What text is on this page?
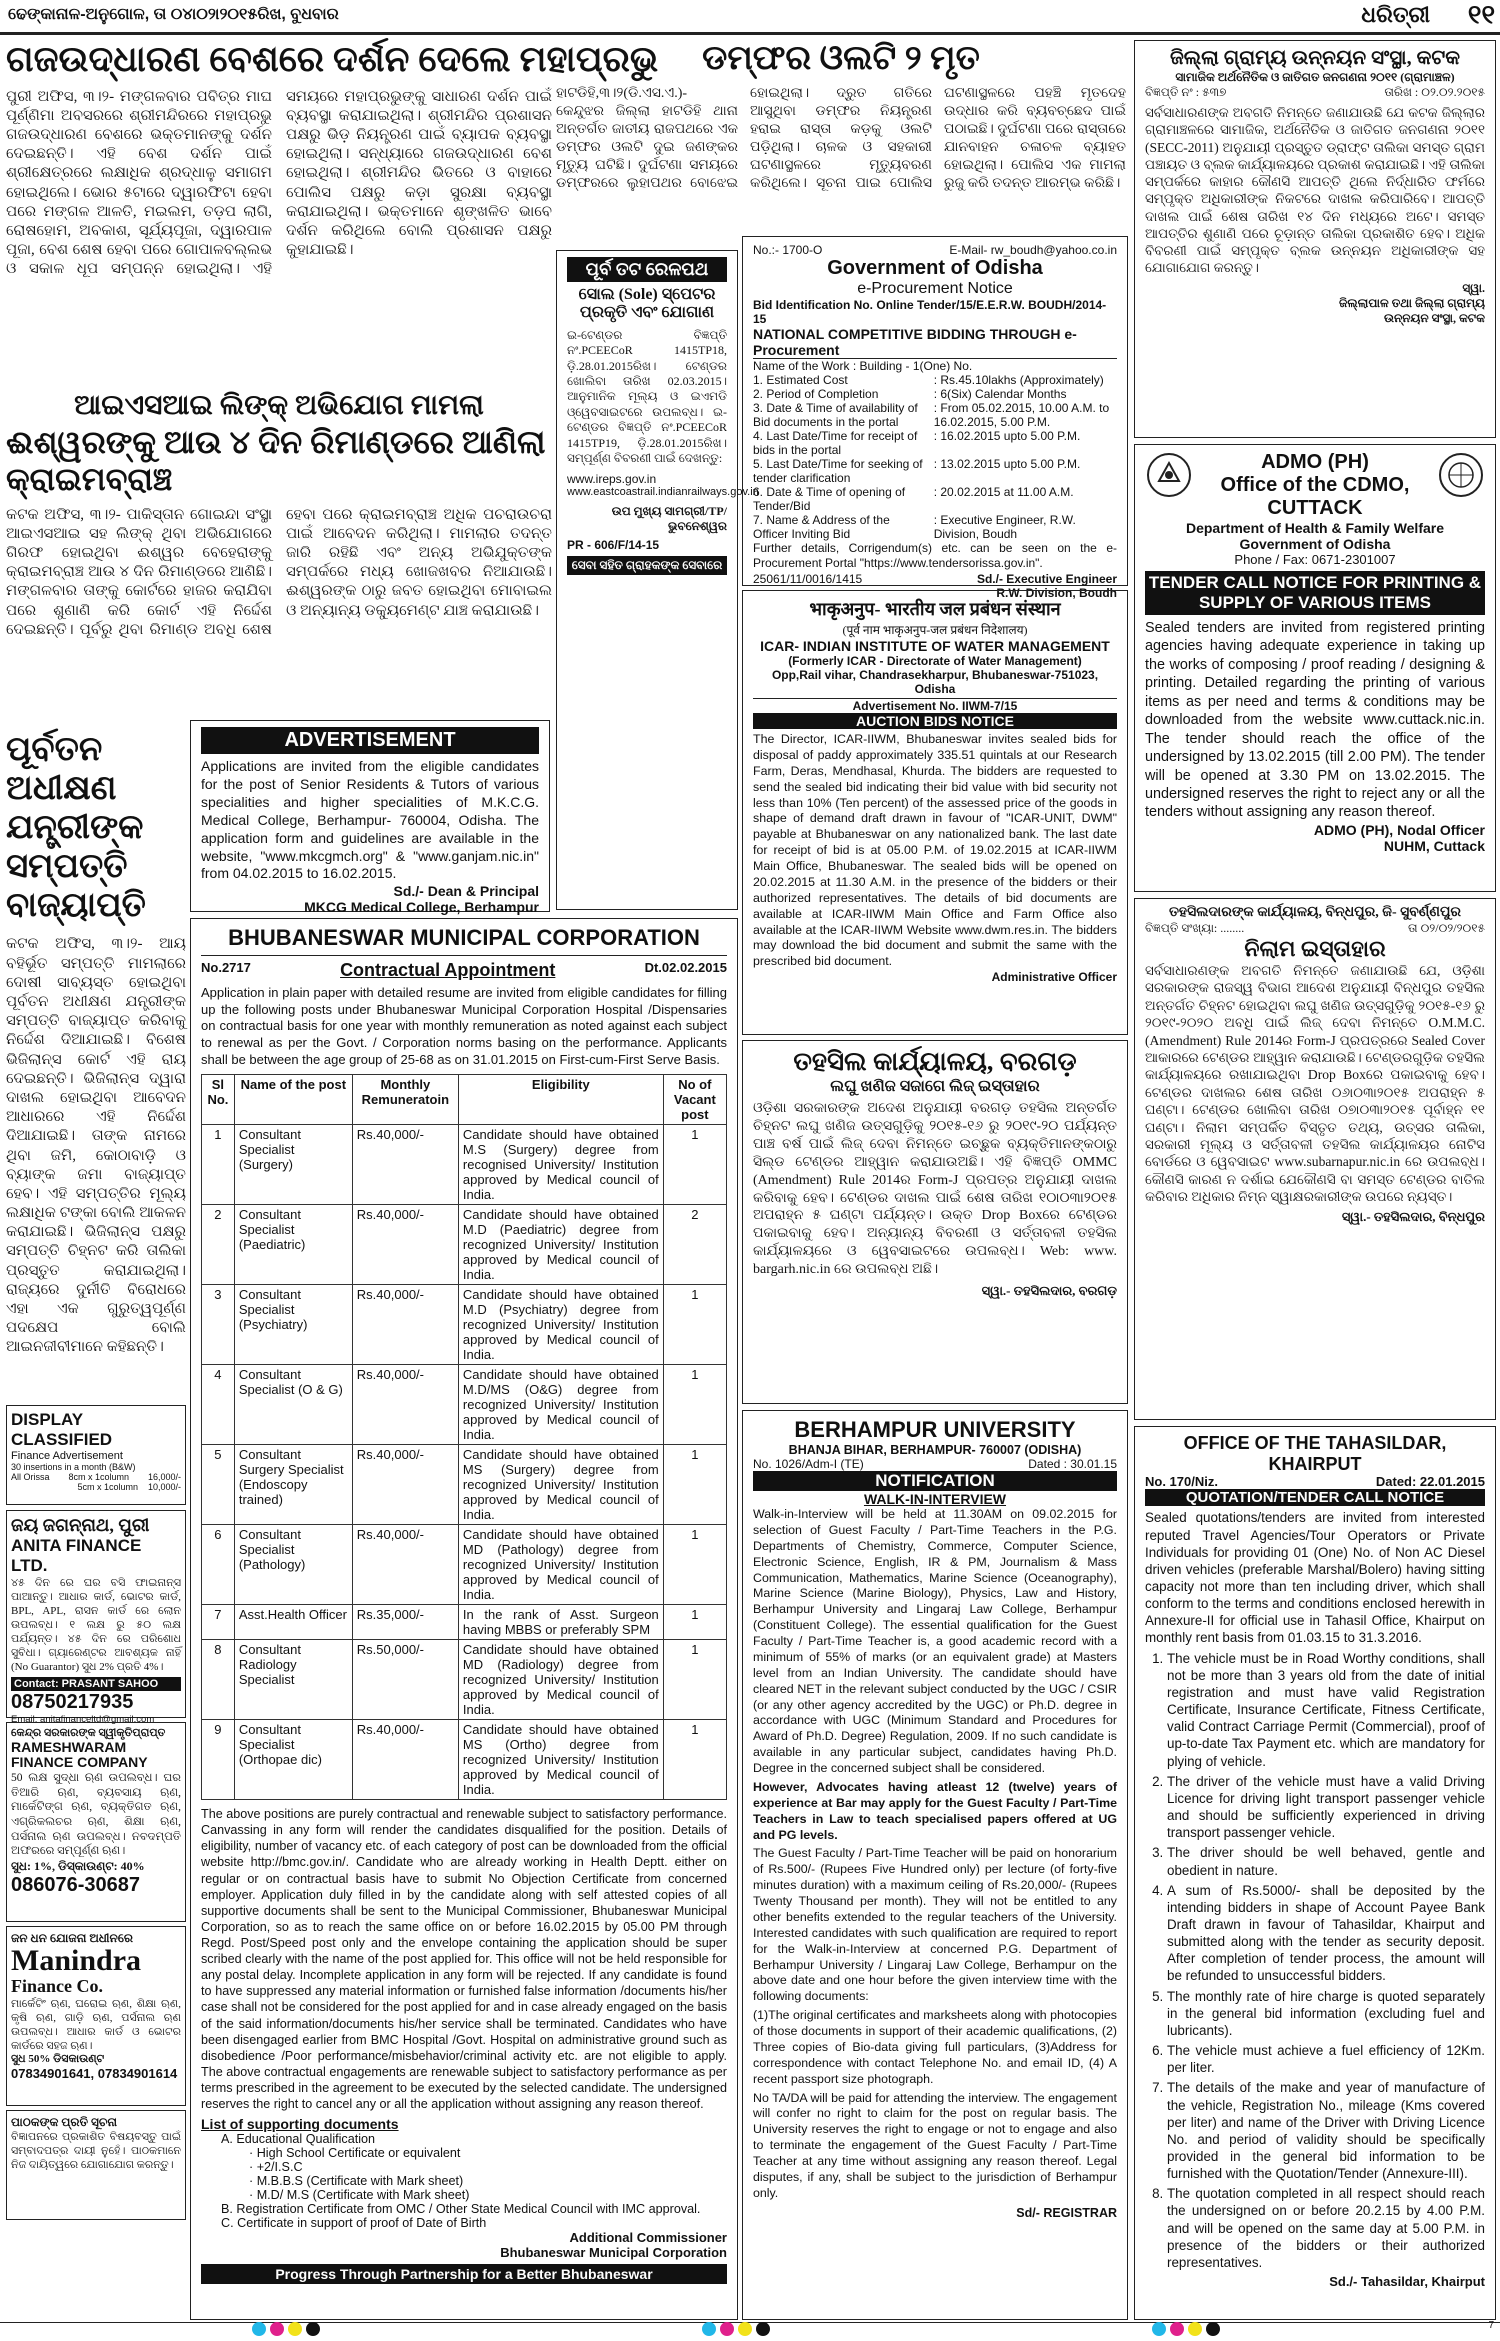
ଢେଙ୍କାନାଳ-ଅନୁଗୋଳ, ତା ୦୪ା୦୨ା୨୦୧୫ରିଖ, ବୁଧବାର	ଧରିତ୍ରୀ	୧୧
ଗଜଉଦ୍ଧାରଣ ବେଶରେ ଦର୍ଶନ ଦେଲେ ମହାପ୍ରଭୁ
ପୁରୀ ଅଫିସ, ୩।୨- ମଙ୍ଗଳବାର ପବିତ୍ର ମାଘ ପୂର୍ଣ୍ଣିମା ଅବସରରେ ଶ୍ରୀମନ୍ଦିରରେ ମହାପ୍ରଭୁ ଗଜଉଦ୍ଧାରଣ ବେଶରେ ଭକ୍ତମାନଙ୍କୁ ଦର୍ଶନ ଦେଇଛନ୍ତି। ଏହି ବେଶ ଦର୍ଶନ ପାଇଁ ଶ୍ରୀକ୍ଷେତ୍ରରେ ଲକ୍ଷାଧିକ ଶ୍ରଦ୍ଧାଳୁ ସମାଗମ ହୋଇଥିଲେ। ଭୋର ୫ଟାରେ ଦ୍ୱାରଫିଟା ହେବା ପରେ ମଙ୍ଗଳ ଆଳତି, ମଇଲମ, ତଡ଼ପ ଲାଗି, ରୋଷହୋମ, ଅବକାଶ, ସୂର୍ଯ୍ୟପୂଜା, ଦ୍ୱାରପାଳ ପୂଜା, ବେଶ ଶେଷ ହେବା ପରେ ଗୋପାଳବଲ୍ଲଭ ଓ ସକାଳ ଧୂପ ସମ୍ପନ୍ନ ହୋଇଥିଲା। ଏହି ସମୟରେ ମହାପ୍ରଭୁଙ୍କୁ ସାଧାରଣ ଦର୍ଶନ ପାଇଁ ବ୍ୟବସ୍ଥା କରାଯାଇଥିଲା। ଶ୍ରୀମନ୍ଦିର ପ୍ରଶାସନ ପକ୍ଷରୁ ଭିଡ଼ ନିୟନ୍ତ୍ରଣ ପାଇଁ ବ୍ୟାପକ ବ୍ୟବସ୍ଥା ହୋଇଥିଲା। ସନ୍ଧ୍ୟାରେ ଗଜଉଦ୍ଧାରଣ ବେଶ ହୋଇଥିଲା। ଶ୍ରୀମନ୍ଦିର ଭିତରେ ଓ ବାହାରେ ପୋଲିସ ପକ୍ଷରୁ କଡ଼ା ସୁରକ୍ଷା ବ୍ୟବସ୍ଥା କରାଯାଇଥିଲା। ଭକ୍ତମାନେ ଶୃଙ୍ଖଳିତ ଭାବେ ଦର୍ଶନ କରିଥିଲେ ବୋଲି ପ୍ରଶାସନ ପକ୍ଷରୁ କୁହାଯାଇଛି।
ଡମ୍ଫର ଓଲଟି ୨ ମୃତ
ହାଟଡିହି,୩।୨(ଡି.ଏସ.ଏ.)- କେନ୍ଦୁଝର ଜିଲ୍ଲା ହାଟଡିହି ଥାନା ଅନ୍ତର୍ଗତ ଜାତୀୟ ରାଜପଥରେ ଏକ ଡମ୍ଫର ଓଲଟି ଦୁଇ ଜଣଙ୍କର ମୃତ୍ୟୁ ଘଟିଛି। ଦୁର୍ଘଟଣା ସମୟରେ ଡମ୍ଫରରେ ଲୁହାପଥର ବୋଝେଇ ହୋଇଥିଲା। ଦ୍ରୁତ ଗତିରେ ଆସୁଥିବା ଡମ୍ଫର ନିୟନ୍ତ୍ରଣ ହରାଇ ରାସ୍ତା କଡ଼କୁ ଓଲଟି ପଡ଼ିଥିଲା। ଚାଳକ ଓ ସହକାରୀ ଘଟଣାସ୍ଥଳରେ ମୃତ୍ୟୁବରଣ କରିଥିଲେ। ସୂଚନା ପାଇ ପୋଲିସ ଘଟଣାସ୍ଥଳରେ ପହଞ୍ଚି ମୃତଦେହ ଉଦ୍ଧାର କରି ବ୍ୟବଚ୍ଛେଦ ପାଇଁ ପଠାଇଛି। ଦୁର୍ଘଟଣା ପରେ ରାସ୍ତାରେ ଯାନବାହନ ଚଳାଚଳ ବ୍ୟାହତ ହୋଇଥିଲା। ପୋଲିସ ଏକ ମାମଲା ରୁଜୁ କରି ତଦନ୍ତ ଆରମ୍ଭ କରିଛି।
ଆଇଏସଆଇ ଲିଙ୍କ୍ ଅଭିଯୋଗ ମାମଲା
ଈଶ୍ୱରଙ୍କୁ ଆଉ ୪ ଦିନ ରିମାଣ୍ଡରେ ଆଣିଲା କ୍ରାଇମବ୍ରାଞ୍ଚ
କଟକ ଅଫିସ, ୩।୨- ପାକିସ୍ତାନ ଗୋଇନ୍ଦା ସଂସ୍ଥା ଆଇଏସଆଇ ସହ ଲିଙ୍କ୍ ଥିବା ଅଭିଯୋଗରେ ଗିରଫ ହୋଇଥିବା ଈଶ୍ୱର ବେହେରାଙ୍କୁ କ୍ରାଇମବ୍ରାଞ୍ଚ ଆଉ ୪ ଦିନ ରିମାଣ୍ଡରେ ଆଣିଛି। ମଙ୍ଗଳବାର ତାଙ୍କୁ କୋର୍ଟରେ ହାଜର କରାଯିବା ପରେ ଶୁଣାଣି କରି କୋର୍ଟ ଏହି ନିର୍ଦ୍ଦେଶ ଦେଇଛନ୍ତି। ପୂର୍ବରୁ ଥିବା ରିମାଣ୍ଡ ଅବଧି ଶେଷ ହେବା ପରେ କ୍ରାଇମବ୍ରାଞ୍ଚ ଅଧିକ ପଚରାଉଚରା ପାଇଁ ଆବେଦନ କରିଥିଲା। ମାମଲାର ତଦନ୍ତ ଜାରି ରହିଛି ଏବଂ ଅନ୍ୟ ଅଭିଯୁକ୍ତଙ୍କ ସମ୍ପର୍କରେ ମଧ୍ୟ ଖୋଜଖବର ନିଆଯାଉଛି। ଈଶ୍ୱରଙ୍କ ଠାରୁ ଜବତ ହୋଇଥିବା ମୋବାଇଲ ଓ ଅନ୍ୟାନ୍ୟ ଡକ୍ୟୁମେଣ୍ଟ ଯାଞ୍ଚ କରାଯାଉଛି।
ପୂର୍ବତନ ଅଧୀକ୍ଷଣ ଯନ୍ତ୍ରୀଙ୍କ ସମ୍ପତ୍ତି ବାଜ୍ୟାପ୍ତି
କଟକ ଅଫିସ, ୩।୨- ଆୟ ବହିର୍ଭୂତ ସମ୍ପତ୍ତି ମାମଲାରେ ଦୋଷୀ ସାବ୍ୟସ୍ତ ହୋଇଥିବା ପୂର୍ବତନ ଅଧୀକ୍ଷଣ ଯନ୍ତ୍ରୀଙ୍କ ସମ୍ପତ୍ତି ବାଜ୍ୟାପ୍ତ କରିବାକୁ ନିର୍ଦ୍ଦେଶ ଦିଆଯାଇଛି। ବିଶେଷ ଭିଜିଲାନ୍ସ କୋର୍ଟ ଏହି ରାୟ ଦେଇଛନ୍ତି। ଭିଜିଲାନ୍ସ ଦ୍ୱାରା ଦାଖଲ ହୋଇଥିବା ଆବେଦନ ଆଧାରରେ ଏହି ନିର୍ଦ୍ଦେଶ ଦିଆଯାଇଛି। ତାଙ୍କ ନାମରେ ଥିବା ଜମି, କୋଠାବାଡ଼ି ଓ ବ୍ୟାଙ୍କ ଜମା ବାଜ୍ୟାପ୍ତ ହେବ। ଏହି ସମ୍ପତ୍ତିର ମୂଲ୍ୟ ଲକ୍ଷାଧିକ ଟଙ୍କା ବୋଲି ଆକଳନ କରାଯାଇଛି। ଭିଜିଲାନ୍ସ ପକ୍ଷରୁ ସମ୍ପତ୍ତି ଚିହ୍ନଟ କରି ତାଲିକା ପ୍ରସ୍ତୁତ କରାଯାଇଥିଲା। ରାଜ୍ୟରେ ଦୁର୍ନୀତି ବିରୋଧରେ ଏହା ଏକ ଗୁରୁତ୍ୱପୂର୍ଣ୍ଣ ପଦକ୍ଷେପ ବୋଲି ଆଇନଜୀବୀମାନେ କହିଛନ୍ତି।
ADVERTISEMENT
Applications are invited from the eligible candidates for the post of Senior Residents & Tutors of various specialities and higher specialities of M.K.C.G. Medical College, Berhampur- 760004, Odisha. The application form and guidelines are available in the website, "www.mkcgmch.org" & "www.ganjam.nic.in" from 04.02.2015 to 16.02.2015.
Sd./- Dean & Principal
MKCG Medical College, Berhampur
ପୂର୍ବ ତଟ ରେଳପଥ
ସୋଲ (Sole) ସ୍ପେଟର ପ୍ରକୃତି ଏବଂ ଯୋଗାଣ
ଇ-ଟେଣ୍ଡର ବିଜ୍ଞପ୍ତି ନଂ.PCEECoR 1415TP18, ଡ଼ି.28.01.2015ରିଖ। ଟେଣ୍ଡର ଖୋଲିବା ତାରିଖ 02.03.2015। ଆନୁମାନିକ ମୂଲ୍ୟ ଓ ଇଏମଡି ଓ୍ୱେବସାଇଟରେ ଉପଲବ୍ଧ। ଇ-ଟେଣ୍ଡର ବିଜ୍ଞପ୍ତି ନଂ.PCEECoR 1415TP19, ଡ଼ି.28.01.2015ରିଖ। ସମ୍ପୂର୍ଣ୍ଣ ବିବରଣୀ ପାଇଁ ଦେଖନ୍ତୁ:
www.ireps.gov.in
www.eastcoastrail.indianrailways.gov.in
ଉପ ମୁଖ୍ୟ ସାମଗ୍ରୀ/TP/ ଭୁବନେଶ୍ୱର
PR - 606/F/14-15
ସେବା ସହିତ ଗ୍ରାହକଙ୍କ ସେବାରେ
No.:- 1700-O	E-Mail- rw_boudh@yahoo.co.in
Government of Odisha
e-Procurement Notice
Bid Identification No. Online Tender/15/E.E.R.W. BOUDH/2014-15
NATIONAL COMPETITIVE BIDDING THROUGH e-Procurement
Name of the Work : Building - 1(One) No.
1. Estimated Cost	: Rs.45.10lakhs (Approximately)
2. Period of Completion	: 6(Six) Calendar Months
3. Date & Time of availability of Bid documents in the portal
: From 05.02.2015, 10.00 A.M. to 16.02.2015, 5.00 P.M.
4. Last Date/Time for receipt of bids in the portal
: 16.02.2015 upto 5.00 P.M.
5. Last Date/Time for seeking of tender clarification
: 13.02.2015 upto 5.00 P.M.
6. Date & Time of opening of Tender/Bid
: 20.02.2015 at 11.00 A.M.
7. Name & Address of the Officer Inviting Bid
: Executive Engineer, R.W. Division, Boudh
Further details, Corrigendum(s) etc. can be seen on the e-Procurement Portal "https://www.tendersorissa.gov.in".
25061/11/0016/1415	Sd./- Executive Engineer
R.W. Division, Boudh
भाकृअनुप- भारतीय जल प्रबंधन संस्थान
(पूर्व नाम भाकृअनुप-जल प्रबंधन निदेशालय)
ICAR- INDIAN INSTITUTE OF WATER MANAGEMENT
(Formerly ICAR - Directorate of Water Management)
Opp,Rail vihar, Chandrasekharpur, Bhubaneswar-751023, Odisha
Advertisement No. IIWM-7/15
AUCTION BIDS NOTICE
The Director, ICAR-IIWM, Bhubaneswar invites sealed bids for disposal of paddy approximately 335.51 quintals at our Research Farm, Deras, Mendhasal, Khurda. The bidders are requested to send the sealed bid indicating their bid value with bid security not less than 10% (Ten percent) of the assessed price of the goods in shape of demand draft drawn in favour of "ICAR-UNIT, DWM" payable at Bhubaneswar on any nationalized bank. The last date for receipt of bid is at 05.00 P.M. of 19.02.2015 at ICAR-IIWM Main Office, Bhubaneswar. The sealed bids will be opened on 20.02.2015 at 11.30 A.M. in the presence of the bidders or their authorized representatives. The details of bid documents are available at ICAR-IIWM Main Office and Farm Office also available at the ICAR-IIWM Website www.dwm.res.in. The bidders may download the bid document and submit the same with the prescribed bid document.
Administrative Officer
ତହସିଲ କାର୍ଯ୍ୟାଳୟ, ବରଗଡ଼
ଲଘୁ ଖଣିଜ ସଜାଗେ ଲିଜ୍ ଇସ୍ତାହାର
ଓଡ଼ିଶା ସରକାରଙ୍କ ଅଦେଶ ଅନୁଯାୟୀ ବରଗଡ଼ ତହସିଲ ଅନ୍ତର୍ଗତ ଚିହ୍ନଟ ଲଘୁ ଖଣିଜ ଉତ୍ସଗୁଡ଼ିକୁ ୨୦୧୫-୧୬ ରୁ ୨୦୧୯-୨୦ ପର୍ଯ୍ୟନ୍ତ ପାଞ୍ଚ ବର୍ଷ ପାଇଁ ଲିଜ୍ ଦେବା ନିମନ୍ତେ ଇଚ୍ଛୁକ ବ୍ୟକ୍ତିମାନଙ୍କଠାରୁ ସିଲ୍ଡ ଟେଣ୍ଡର ଆହ୍ୱାନ କରାଯାଉଅଛି। ଏହି ବିଜ୍ଞପ୍ତି OMMC (Amendment) Rule 2014ର Form-J ପ୍ରପତ୍ର ଅନୁଯାୟୀ ଦାଖଲ କରିବାକୁ ହେବ। ଟେଣ୍ଡର ଦାଖଲ ପାଇଁ ଶେଷ ତାରିଖ ୧୦ା୦୩ା୨୦୧୫ ଅପରାହ୍ନ ୫ ଘଣ୍ଟା ପର୍ଯ୍ୟନ୍ତ। ଉକ୍ତ Drop Boxରେ ଟେଣ୍ଡର ପକାଇବାକୁ ହେବ। ଅନ୍ୟାନ୍ୟ ବିବରଣୀ ଓ ସର୍ତ୍ତାବଳୀ ତହସିଲ କାର୍ଯ୍ୟାଳୟରେ ଓ ୱେବସାଇଟରେ ଉପଲବ୍ଧ। Web: www. bargarh.nic.in ରେ ଉପଲବ୍ଧ ଅଛି।
ସ୍ୱା.- ତହସିଲଦାର, ବରଗଡ଼
BHUBANESWAR MUNICIPAL CORPORATION
No.2717	Contractual Appointment	Dt.02.02.2015
Application in plain paper with detailed resume are invited from eligible candidates for filling up the following posts under Bhubaneswar Municipal Corporation Hospital /Dispensaries on contractual basis for one year with monthly remuneration as noted against each subject to renewal as per the Govt. / Corporation norms basing on the performance. Applicants shall be between the age group of 25-68 as on 31.01.2015 on First-cum-First Serve Basis.
Sl No.	Name of the post	Monthly Remuneratoin	Eligibility	No of Vacant post
1	Consultant Specialist (Surgery)	Rs.40,000/-	Candidate should have obtained M.S (Surgery) degree from recognised University/ Institution approved by Medical council of India.	1
2	Consultant Specialist (Paediatric)	Rs.40,000/-	Candidate should have obtained M.D (Paediatric) degree from recognized University/ Institution approved by Medical council of India.	2
3	Consultant Specialist (Psychiatry)	Rs.40,000/-	Candidate should have obtained M.D (Psychiatry) degree from recognized University/ Institution approved by Medical council of India.	1
4	Consultant Specialist (O & G)	Rs.40,000/-	Candidate should have obtained M.D/MS (O&G) degree from recognized University/ Institution approved by Medical council of India.	1
5	Consultant Surgery Specialist (Endoscopy trained)	Rs.40,000/-	Candidate should have obtained MS (Surgery) degree from recognized University/ Institution approved by Medical council of India.	1
6	Consultant Specialist (Pathology)	Rs.40,000/-	Candidate should have obtained MD (Pathology) degree from recognized University/ Institution approved by Medical council of India.	1
7	Asst.Health Officer	Rs.35,000/-	In the rank of Asst. Surgeon having MBBS or preferably SPM	1
8	Consultant Radiology Specialist	Rs.50,000/-	Candidate should have obtained MD (Radiology) degree from recognized University/ Institution approved by Medical council of India.	1
9	Consultant Specialist (Orthopae dic)	Rs.40,000/-	Candidate should have obtained MS (Ortho) degree from recognized University/ Institution approved by Medical council of India.	1
The above positions are purely contractual and renewable subject to satisfactory performance. Canvassing in any form will render the candidates disqualified for the position. Details of eligibility, number of vacancy etc. of each category of post can be downloaded from the official website http://bmc.gov.in/. Candidate who are already working in Health Deptt. either on regular or on contractual basis have to submit No Objection Certificate from concerned employer. Application duly filled in by the candidate along with self attested copies of all supportive documents shall be sent to the Municipal Commissioner, Bhubaneswar Municipal Corporation, so as to reach the same office on or before 16.02.2015 by 05.00 PM through Regd. Post/Speed post only and the envelope containing the application should be super scribed clearly with the name of the post applied for. This office will not be held responsible for any postal delay. Incomplete application in any form will be rejected. If any candidate is found to have suppressed any material information or furnished false information /documents his/her case shall not be considered for the post applied for and in case already engaged on the basis of the said information/documents his/her service shall be terminated. Candidates who have been disengaged earlier from BMC Hospital /Govt. Hospital on administrative ground such as disobedience /Poor performance/misbehavior/criminal activity etc. are not eligible to apply. The above contractual engagements are renewable subject to satisfactory performance as per terms prescribed in the agreement to be executed by the selected candidate. The undersigned reserves the right to cancel any or all the application without assigning any reason thereof.
List of supporting documents
A. Educational Qualification
· High School Certificate or equivalent
· +2/I.S.C
· M.B.B.S (Certificate with Mark sheet)
· M.D/ M.S (Certificate with Mark sheet)
B. Registration Certificate from OMC / Other State Medical Council with IMC approval.
C. Certificate in support of proof of Date of Birth
Additional Commissioner
Bhubaneswar Municipal Corporation
Progress Through Partnership for a Better Bhubaneswar
DISPLAY CLASSIFIED
Finance Advertisement
30 insertions in a month (B&W)
All Orissa 8cm x 1column 16,000/-
5cm x 1column 10,000/-
ଜୟ ଜଗନ୍ନାଥ, ପୁରୀ
ANITA FINANCE LTD.
୪୫ ଦିନ ରେ ଘର ବସି ଫାଇନାନ୍ସ ପାଆନ୍ତୁ। ଆଧାର କାର୍ଡ, ଭୋଟର କାର୍ଡ, BPL, APL, ରାସନ କାର୍ଡ ରେ ଲୋନ ଉପଲବ୍ଧ। ୧ ଲକ୍ଷ ରୁ ୫୦ ଲକ୍ଷ ପର୍ଯ୍ୟନ୍ତ। ୪୫ ଦିନ ରେ ପରିଶୋଧ ସୁବିଧା। ଗ୍ୟାରେଣ୍ଟର ଆବଶ୍ୟକ ନାହିଁ (No Guarantor) ସୁଧ 2% ପ୍ରତି 4%।
Contact: PRASANT SAHOO
08750217935
Email: anitafinanceltd@gmail.com
କେନ୍ଦ୍ର ସରକାରଙ୍କ ସ୍ୱୀକୃତିପ୍ରାପ୍ତ
RAMESHWARAM FINANCE COMPANY
50 ଲକ୍ଷ ସୁଦ୍ଧା ଋଣ ଉପଲବ୍ଧ। ଘର ତିଆରି ଋଣ, ବ୍ୟବସାୟ ଋଣ, ମାର୍କେଟିଙ୍ଗ ଋଣ, ବ୍ୟକ୍ତିଗତ ଋଣ, ଏଗ୍ରିକଲଚର ଋଣ, ଶିକ୍ଷା ଋଣ, ପର୍ସନାଲ ଋଣ ଉପଲବ୍ଧ। ନବଦମ୍ପତି ଅଫରରେ ସମ୍ପୂର୍ଣ୍ଣ ଋଣ।
ସୁଧ: 1%, ଡିସ୍କାଉଣ୍ଟ: 40%
086076-30687
ଜନ ଧନ ଯୋଜନା ଅଧୀନରେ
Manindra
Finance Co.
ମାର୍କେଟିଂ ଋଣ, ଘରୋଇ ଋଣ, ଶିକ୍ଷା ଋଣ, କୃଷି ଋଣ, ଗାଡ଼ି ଋଣ, ପର୍ସନାଲ ଋଣ ଉପଲବ୍ଧ। ଆଧାର କାର୍ଡ ଓ ଭୋଟର କାର୍ଡରେ ସହଜ ଋଣ।
ସୁଧ 50% ଡିସକାଉଣ୍ଟ
07834901641, 07834901614
ପାଠକଙ୍କ ପ୍ରତି ସୂଚନା
ବିଜ୍ଞାପନରେ ପ୍ରକାଶିତ ବିଷୟବସ୍ତୁ ପାଇଁ ସମ୍ବାଦପତ୍ର ଦାୟୀ ନୁହେଁ। ପାଠକମାନେ ନିଜ ଦାୟିତ୍ୱରେ ଯୋଗାଯୋଗ କରନ୍ତୁ।
BERHAMPUR UNIVERSITY
BHANJA BIHAR, BERHAMPUR- 760007 (ODISHA)
No. 1026/Adm-I (TE)	Dated : 30.01.15
NOTIFICATION
WALK-IN-INTERVIEW
Walk-in-Interview will be held at 11.30AM on 09.02.2015 for selection of Guest Faculty / Part-Time Teachers in the P.G. Departments of Chemistry, Commerce, Computer Science, Electronic Science, English, IR & PM, Journalism & Mass Communication, Mathematics, Marine Science (Oceanography), Marine Science (Marine Biology), Physics, Law and History, Berhampur University and Lingaraj Law College, Berhampur (Constituent College). The essential qualification for the Guest Faculty / Part-Time Teacher is, a good academic record with a minimum of 55% of marks (or an equivalent grade) at Masters level from an Indian University. The candidate should have cleared NET in the relevant subject conducted by the UGC / CSIR (or any other agency accredited by the UGC) or Ph.D. degree in accordance with UGC (Minimum Standard and Procedures for Award of Ph.D. Degree) Regulation, 2009. If no such candidate is available in any particular subject, candidates having Ph.D. Degree in the concerned subject shall be considered.
However, Advocates having atleast 12 (twelve) years of experience at Bar may apply for the Guest Faculty / Part-Time Teachers in Law to teach specialised papers offered at UG and PG levels.
The Guest Faculty / Part-Time Teacher will be paid on honorarium of Rs.500/- (Rupees Five Hundred only) per lecture (of forty-five minutes duration) with a maximum ceiling of Rs.20,000/- (Rupees Twenty Thousand per month). They will not be entitled to any other benefits extended to the regular teachers of the University. Interested candidates with such qualification are required to report for the Walk-in-Interview at concerned P.G. Department of Berhampur University / Lingaraj Law College, Berhampur on the above date and one hour before the given interview time with the following documents:
(1)The original certificates and marksheets along with photocopies of those documents in support of their academic qualifications, (2) Three copies of Bio-data giving full particulars, (3)Address for correspondence with contact Telephone No. and email ID, (4) A recent passport size photograph.
No TA/DA will be paid for attending the interview. The engagement will confer no right to claim for the post on regular basis. The University reserves the right to engage or not to engage and also to terminate the engagement of the Guest Faculty / Part-Time Teacher at any time without assigning any reason thereof. Legal disputes, if any, shall be subject to the jurisdiction of Berhampur only.
Sd/- REGISTRAR
ଜିଲ୍ଲା ଗ୍ରାମ୍ୟ ଉନ୍ନୟନ ସଂସ୍ଥା, କଟକ
ସାମାଜିକ ଅର୍ଥନୈତିକ ଓ ଜାତିଗତ ଜନଗଣନା ୨୦୧୧ (ଗ୍ରାମାଞ୍ଚଳ)
ବିଜ୍ଞପ୍ତି ନଂ : ୫୩୭	ତାରିଖ : ୦୨.୦୨.୨୦୧୫
ସର୍ବସାଧାରଣଙ୍କ ଅବଗତି ନିମନ୍ତେ ଜଣାଯାଉଛି ଯେ କଟକ ଜିଲ୍ଲାର ଗ୍ରାମାଞ୍ଚଳରେ ସାମାଜିକ, ଅର୍ଥନୈତିକ ଓ ଜାତିଗତ ଜନଗଣନା ୨୦୧୧ (SECC-2011) ଅନୁଯାୟୀ ପ୍ରସ୍ତୁତ ଡ୍ରାଫ୍ଟ ତାଲିକା ସମସ୍ତ ଗ୍ରାମ ପଞ୍ଚାୟତ ଓ ବ୍ଲକ କାର୍ଯ୍ୟାଳୟରେ ପ୍ରକାଶ କରାଯାଇଛି। ଏହି ତାଲିକା ସମ୍ପର୍କରେ କାହାର କୌଣସି ଆପତ୍ତି ଥିଲେ ନିର୍ଦ୍ଧାରିତ ଫର୍ମରେ ସମ୍ପୃକ୍ତ ଅଧିକାରୀଙ୍କ ନିକଟରେ ଦାଖଲ କରିପାରିବେ। ଆପତ୍ତି ଦାଖଲ ପାଇଁ ଶେଷ ତାରିଖ ୧୪ ଦିନ ମଧ୍ୟରେ ଅଟେ। ସମସ୍ତ ଆପତ୍ତିର ଶୁଣାଣି ପରେ ଚୂଡ଼ାନ୍ତ ତାଲିକା ପ୍ରକାଶିତ ହେବ। ଅଧିକ ବିବରଣୀ ପାଇଁ ସମ୍ପୃକ୍ତ ବ୍ଲକ ଉନ୍ନୟନ ଅଧିକାରୀଙ୍କ ସହ ଯୋଗାଯୋଗ କରନ୍ତୁ।
ସ୍ୱା.
ଜିଲ୍ଲାପାଳ ତଥା ଜିଲ୍ଲା ଗ୍ରାମ୍ୟ
ଉନ୍ନୟନ ସଂସ୍ଥା, କଟକ
ADMO (PH)
Office of the CDMO,
CUTTACK
Department of Health & Family Welfare
Government of Odisha
Phone / Fax: 0671-2301007
TENDER CALL NOTICE FOR PRINTING & SUPPLY OF VARIOUS ITEMS
Sealed tenders are invited from registered printing agencies having adequate experience in taking up the works of composing / proof reading / designing & printing. Detailed regarding the printing of various items as per need and terms & conditions may be downloaded from the website www.cuttack.nic.in. The tender should reach the office of the undersigned by 13.02.2015 (till 2.00 PM). The tender will be opened at 3.30 PM on 13.02.2015. The undersigned reserves the right to reject any or all the tenders without assigning any reason thereof.
ADMO (PH), Nodal Officer
NUHM, Cuttack
ତହସିଲଦାରଙ୍କ କାର୍ଯ୍ୟାଳୟ, ବିନ୍ଧପୁର, ଜି- ସୁବର୍ଣ୍ଣପୁର
ବିଜ୍ଞପ୍ତି ସଂଖ୍ୟା: ........	ତା ୦୨/୦୨/୨୦୧୫
ନିଲାମ ଇସ୍ତାହାର
ସର୍ବସାଧାରଣଙ୍କ ଅବଗତି ନିମନ୍ତେ ଜଣାଯାଉଛି ଯେ, ଓଡ଼ିଶା ସରକାରଙ୍କ ରାଜସ୍ୱ ବିଭାଗ ଆଦେଶ ଅନୁଯାୟୀ ବିନ୍ଧପୁର ତହସିଲ ଅନ୍ତର୍ଗତ ଚିହ୍ନଟ ହୋଇଥିବା ଲଘୁ ଖଣିଜ ଉତ୍ସଗୁଡ଼ିକୁ ୨୦୧୫-୧୬ ରୁ ୨୦୧୯-୨୦୨୦ ଅବଧି ପାଇଁ ଲିଜ୍ ଦେବା ନିମନ୍ତେ O.M.M.C. (Amendment) Rule 2014ର Form-J ପ୍ରପତ୍ରରେ Sealed Cover ଆକାରରେ ଟେଣ୍ଡର ଆହ୍ୱାନ କରାଯାଉଛି। ଟେଣ୍ଡରଗୁଡ଼ିକ ତହସିଲ କାର୍ଯ୍ୟାଳୟରେ ରଖାଯାଇଥିବା Drop Boxରେ ପକାଇବାକୁ ହେବ। ଟେଣ୍ଡର ଦାଖଲର ଶେଷ ତାରିଖ ୦୬ା୦୩ା୨୦୧୫ ଅପରାହ୍ନ ୫ ଘଣ୍ଟା। ଟେଣ୍ଡର ଖୋଲିବା ତାରିଖ ୦୭ା୦୩ା୨୦୧୫ ପୂର୍ବାହ୍ନ ୧୧ ଘଣ୍ଟା। ନିଲାମ ସମ୍ପର୍କିତ ବିସ୍ତୃତ ତଥ୍ୟ, ଉତ୍ସର ତାଲିକା, ସରକାରୀ ମୂଲ୍ୟ ଓ ସର୍ତ୍ତାବଳୀ ତହସିଲ କାର୍ଯ୍ୟାଳୟର ନୋଟିସ ବୋର୍ଡରେ ଓ ୱେବସାଇଟ www.subarnapur.nic.in ରେ ଉପଲବ୍ଧ। କୌଣସି କାରଣ ନ ଦର୍ଶାଇ ଯେକୌଣସି ବା ସମସ୍ତ ଟେଣ୍ଡର ବାତିଲ କରିବାର ଅଧିକାର ନିମ୍ନ ସ୍ୱାକ୍ଷରକାରୀଙ୍କ ଉପରେ ନ୍ୟସ୍ତ।
ସ୍ୱା.- ତହସିଲଦାର, ବିନ୍ଧପୁର
OFFICE OF THE TAHASILDAR, KHAIRPUT
No. 170/Niz.	Dated: 22.01.2015
QUOTATION/TENDER CALL NOTICE
Sealed quotations/tenders are invited from interested reputed Travel Agencies/Tour Operators or Private Individuals for providing 01 (One) No. of Non AC Diesel driven vehicles (preferable Marshal/Bolero) having sitting capacity not more than ten including driver, which shall conform to the terms and conditions enclosed herewith in Annexure-II for official use in Tahasil Office, Khairput on monthly rent basis from 01.03.15 to 31.3.2016.
1. The vehicle must be in Road Worthy conditions, shall not be more than 3 years old from the date of initial registration and must have valid Registration Certificate, Insurance Certificate, Fitness Certificate, valid Contract Carriage Permit (Commercial), proof of up-to-date Tax Payment etc. which are mandatory for plying of vehicle.
2. The driver of the vehicle must have a valid Driving Licence for driving light transport passenger vehicle and should be sufficiently experienced in driving transport passenger vehicle.
3. The driver should be well behaved, gentle and obedient in nature.
4. A sum of Rs.5000/- shall be deposited by the intending bidders in shape of Account Payee Bank Draft drawn in favour of Tahasildar, Khairput and submitted along with the tender as security deposit. After completion of tender process, the amount will be refunded to unsuccessful bidders.
5. The monthly rate of hire charge is quoted separately in the general bid information (excluding fuel and lubricants).
6. The vehicle must achieve a fuel efficiency of 12Km. per liter.
7. The details of the make and year of manufacture of the vehicle, Registration No., mileage (Kms covered per liter) and name of the Driver with Driving Licence No. and period of validity should be specifically provided in the general bid information to be furnished with the Quotation/Tender (Annexure-III).
8. The quotation completed in all respect should reach the undersigned on or before 20.2.15 by 4.00 P.M. and will be opened on the same day at 5.00 P.M. in presence of the bidders or their authorized representatives.
Sd./- Tahasildar, Khairput
7
